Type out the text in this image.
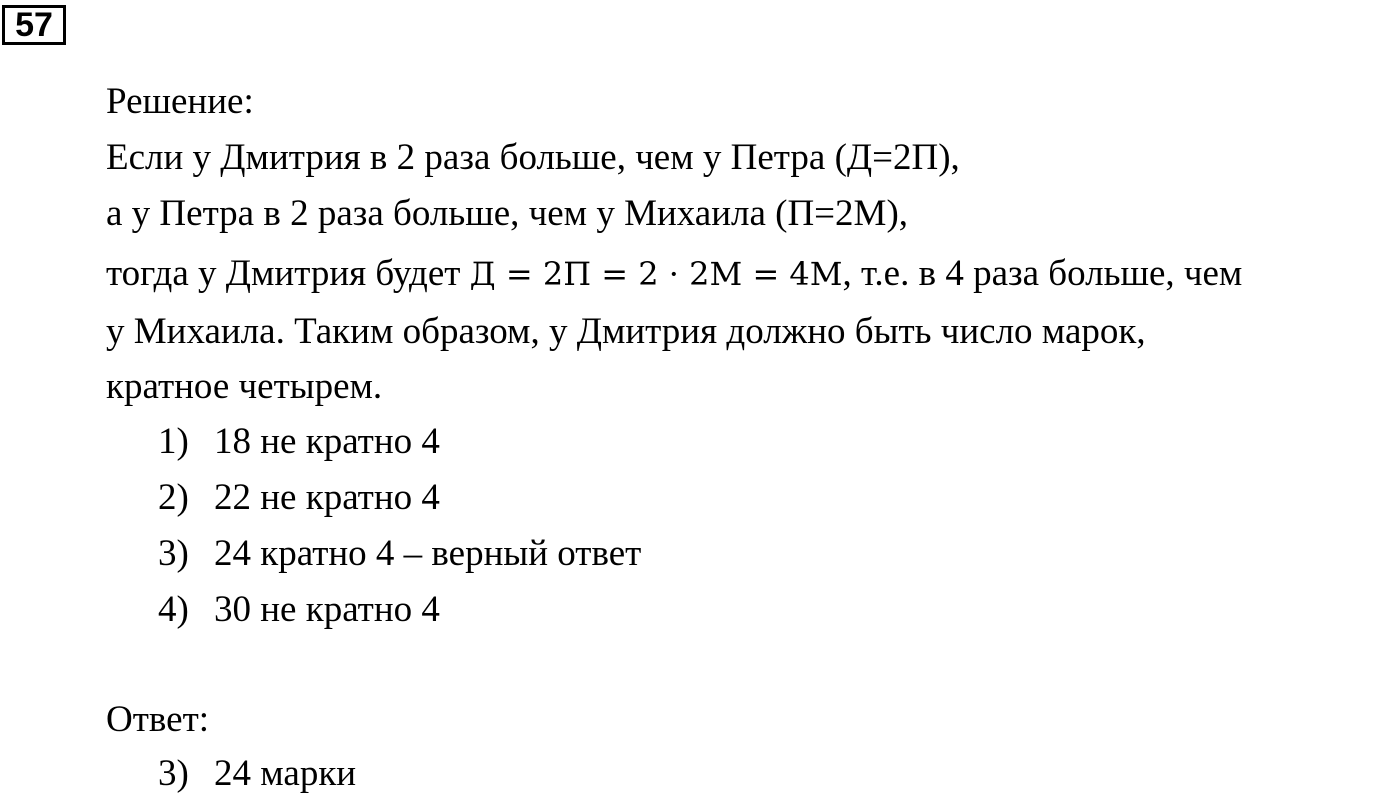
57
Решение:
Если у Дмитрия в 2 раза больше, чем у Петра (Д=2П),
а у Петра в 2 раза больше, чем у Михаила (П=2М),
тогда у Дмитрия будет Д = 2П = 2 · 2М = 4М, т.е. в 4 раза больше, чем
у Михаила. Таким образом, у Дмитрия должно быть число марок,
кратное четырем.
1) 18 не кратно 4
2) 22 не кратно 4
3) 24 кратно 4 – верный ответ
4) 30 не кратно 4
Ответ:
3) 24 марки
